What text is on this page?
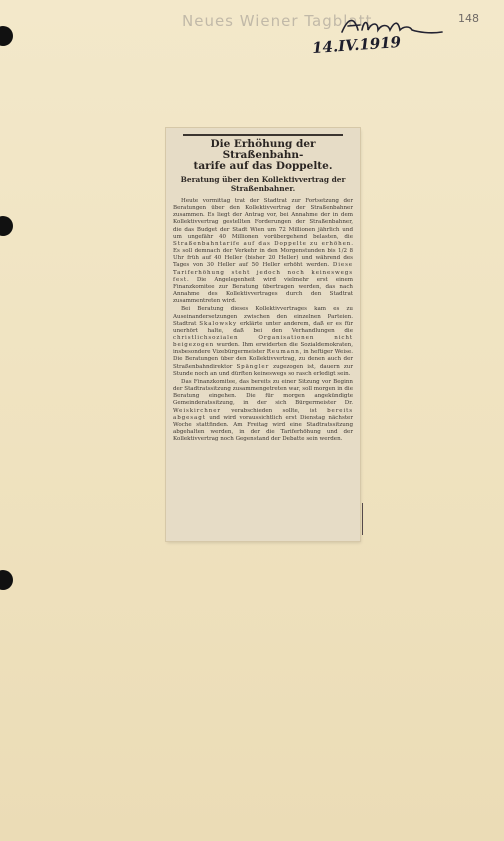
Neues Wiener Tagblatt
14.IV.1919
148

Die Erhöhung der Straßenbahn-
tarife auf das Doppelte.

Beratung über den Kollektivvertrag der Straßenbahner.

Heute vormittag trat der Stadtrat zur Fortsetzung der Beratungen über den Kollektivvertrag der Straßenbahner zusammen. Es liegt der Antrag vor, bei Annahme der in dem Kollektivvertrag gestellten Forderungen der Straßenbahner, die das Budget der Stadt Wien um 72 Millionen jährlich und um ungefähr 40 Millionen vorübergehend belasten, die Straßenbahntarife auf das Doppelte zu erhöhen. Es soll demnach der Verkehr in den Morgenstunden bis 1/2 8 Uhr früh auf 40 Heller (bisher 20 Heller) und während des Tages von 30 Heller auf 50 Heller erhöht werden. Diese Tariferhöhung steht jedoch noch keineswegs fest. Die Angelegenheit wird vielmehr erst einem Finanzkomitee zur Beratung übertragen werden, das nach Annahme des Kollektivvertrages durch den Stadtrat zusammentreten wird.

Bei Beratung dieses Kollektivvertrages kam es zu Auseinandersetzungen zwischen den einzelnen Parteien. Stadtrat Skalowsky erklärte unter anderem, daß er es für unerhört halte, daß bei den Verhandlungen die christlichsozialen Organisationen nicht beigezogen wurden. Ihm erwiderten die Sozialdemokraten, insbesondere Vizebürgermeister Reumann, in heftiger Weise. Die Beratungen über den Kollektivvertrag, zu denen auch der Straßenbahndirektor Spängler zugezogen ist, dauern zur Stunde noch an und dürften keineswegs so rasch erledigt sein.

Das Finanzkomitee, das bereits zu einer Sitzung vor Beginn der Stadtratssitzung zusammengetreten war, soll morgen in die Beratung eingehen. Die für morgen angekündigte Gemeinderatssitzung, in der sich Bürgermeister Dr. Weiskirchner verabschieden sollte, ist bereits abgesagt und wird voraussichtlich erst Dienstag nächster Woche stattfinden. Am Freitag wird eine Stadtratssitzung abgehalten werden, in der die Tariferhöhung und der Kollektivvertrag noch Gegenstand der Debatte sein werden.
